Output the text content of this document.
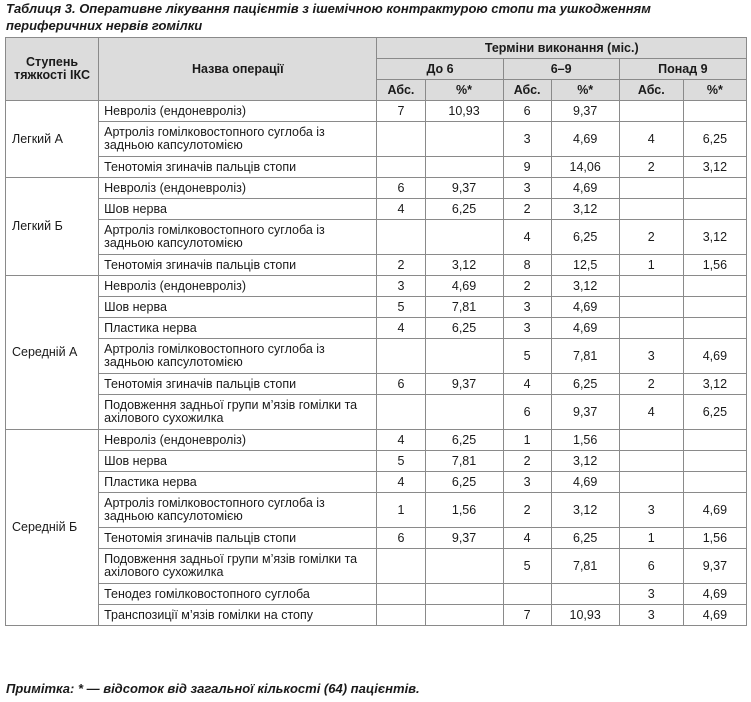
Таблиця 3. Оперативне лікування пацієнтів з ішемічною контрактурою стопи та ушкодженням периферичних нервів гомілки
Ступень тяжкості ІКС	Назва операції	Терміни виконання (міс.)					
		До 6		6–9		Понад 9	
		Абс.	%*	Абс.	%*	Абс.	%*
Легкий А	Невроліз (ендоневроліз)	7	10,93	6	9,37		
	Артроліз гомілковостопного суглоба із задньою капсулотомією			3	4,69	4	6,25
	Тенотомія згиначів пальців стопи			9	14,06	2	3,12
Легкий Б	Невроліз (ендоневроліз)	6	9,37	3	4,69		
	Шов нерва	4	6,25	2	3,12		
	Артроліз гомілковостопного суглоба із задньою капсулотомією			4	6,25	2	3,12
	Тенотомія згиначів пальців стопи	2	3,12	8	12,5	1	1,56
Середній А	Невроліз (ендоневроліз)	3	4,69	2	3,12		
	Шов нерва	5	7,81	3	4,69		
	Пластика нерва	4	6,25	3	4,69		
	Артроліз гомілковостопного суглоба із задньою капсулотомією			5	7,81	3	4,69
	Тенотомія згиначів пальців стопи	6	9,37	4	6,25	2	3,12
	Подовження задньої групи м’язів гомілки та ахілового сухожилка			6	9,37	4	6,25
Середній Б	Невроліз (ендоневроліз)	4	6,25	1	1,56		
	Шов нерва	5	7,81	2	3,12		
	Пластика нерва	4	6,25	3	4,69		
	Артроліз гомілковостопного суглоба із задньою капсулотомією	1	1,56	2	3,12	3	4,69
	Тенотомія згиначів пальців стопи	6	9,37	4	6,25	1	1,56
	Подовження задньої групи м’язів гомілки та ахілового сухожилка			5	7,81	6	9,37
	Тенодез гомілковостопного суглоба					3	4,69
	Транспозиції м’язів гомілки на стопу			7	10,93	3	4,69
Примітка: * — відсоток від загальної кількості (64) пацієнтів.
